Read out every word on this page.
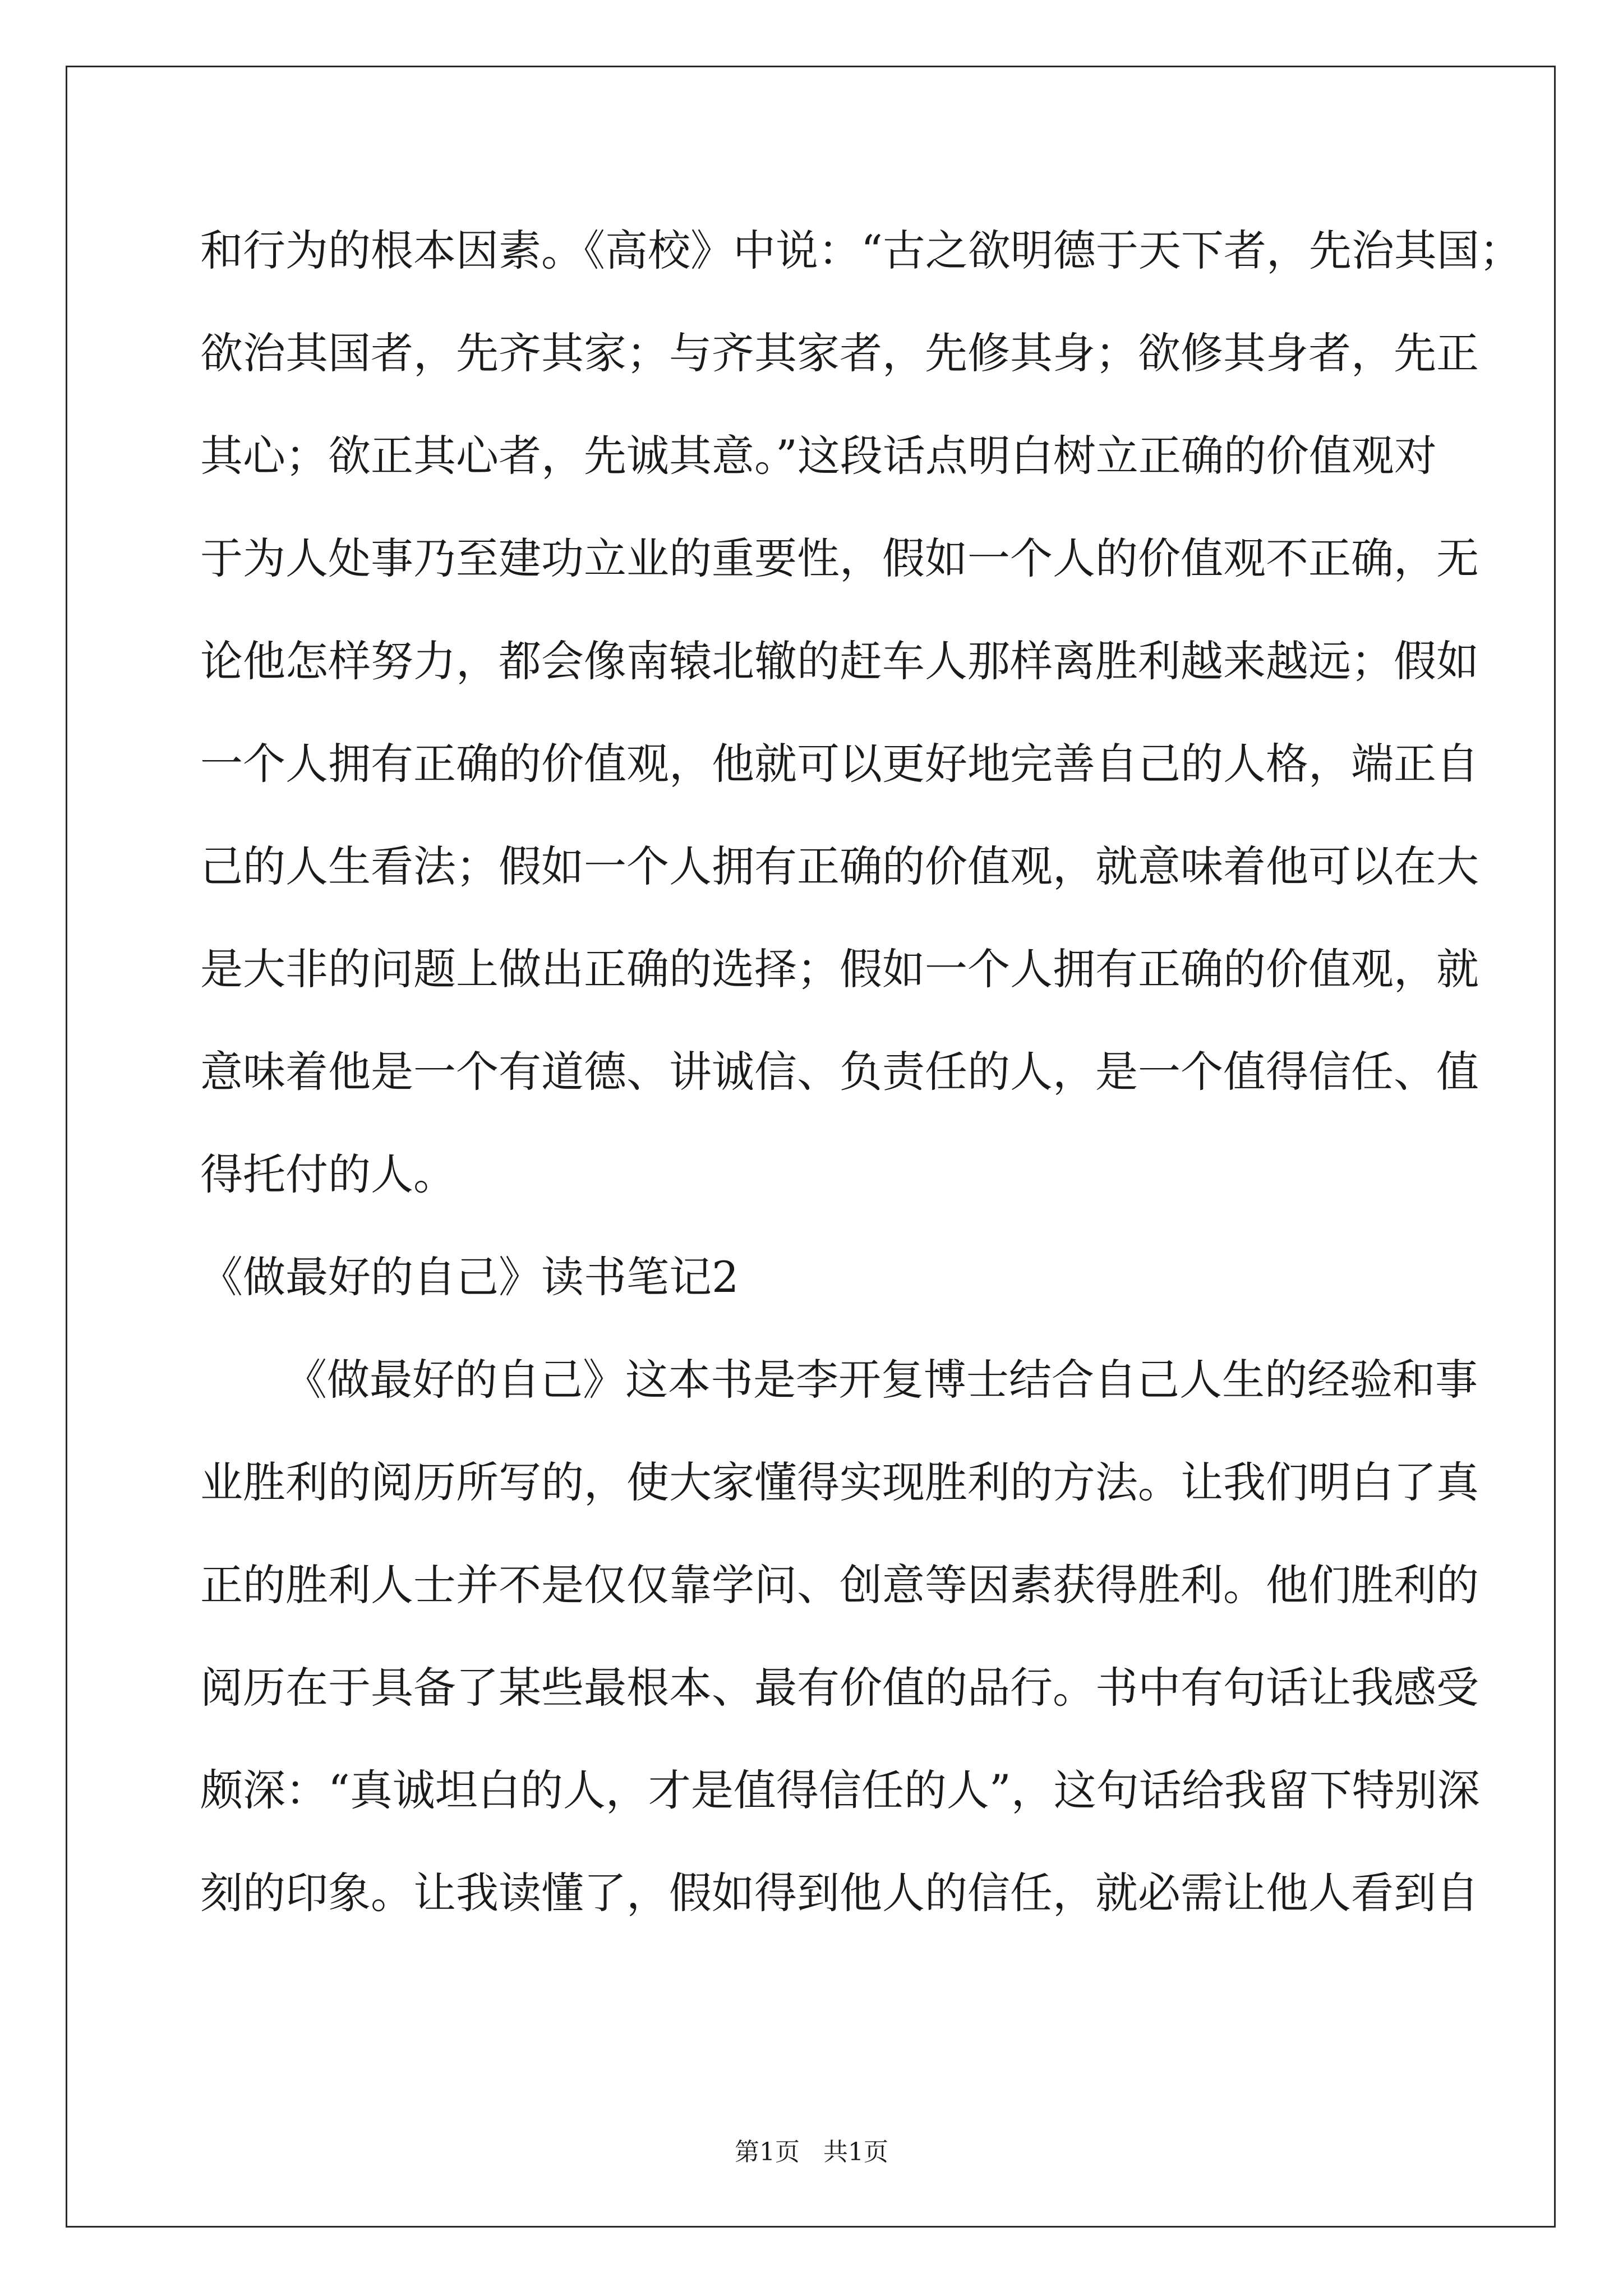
和行为的根本因素。《高校》中说：“古之欲明德于天下者，先治其国；
欲治其国者，先齐其家；与齐其家者，先修其身；欲修其身者，先正
其心；欲正其心者，先诚其意。”这段话点明白树立正确的价值观对
于为人处事乃至建功立业的重要性，假如一个人的价值观不正确，无
论他怎样努力，都会像南辕北辙的赶车人那样离胜利越来越远；假如
一个人拥有正确的价值观，他就可以更好地完善自己的人格，端正自
己的人生看法；假如一个人拥有正确的价值观，就意味着他可以在大
是大非的问题上做出正确的选择；假如一个人拥有正确的价值观，就
意味着他是一个有道德、讲诚信、负责任的人，是一个值得信任、值
得托付的人。
《做最好的自己》读书笔记2
《做最好的自己》这本书是李开复博士结合自己人生的经验和事
业胜利的阅历所写的，使大家懂得实现胜利的方法。让我们明白了真
正的胜利人士并不是仅仅靠学问、创意等因素获得胜利。他们胜利的
阅历在于具备了某些最根本、最有价值的品行。书中有句话让我感受
颇深：“真诚坦白的人，才是值得信任的人”，这句话给我留下特别深
刻的印象。让我读懂了，假如得到他人的信任，就必需让他人看到自
第1页   共1页
